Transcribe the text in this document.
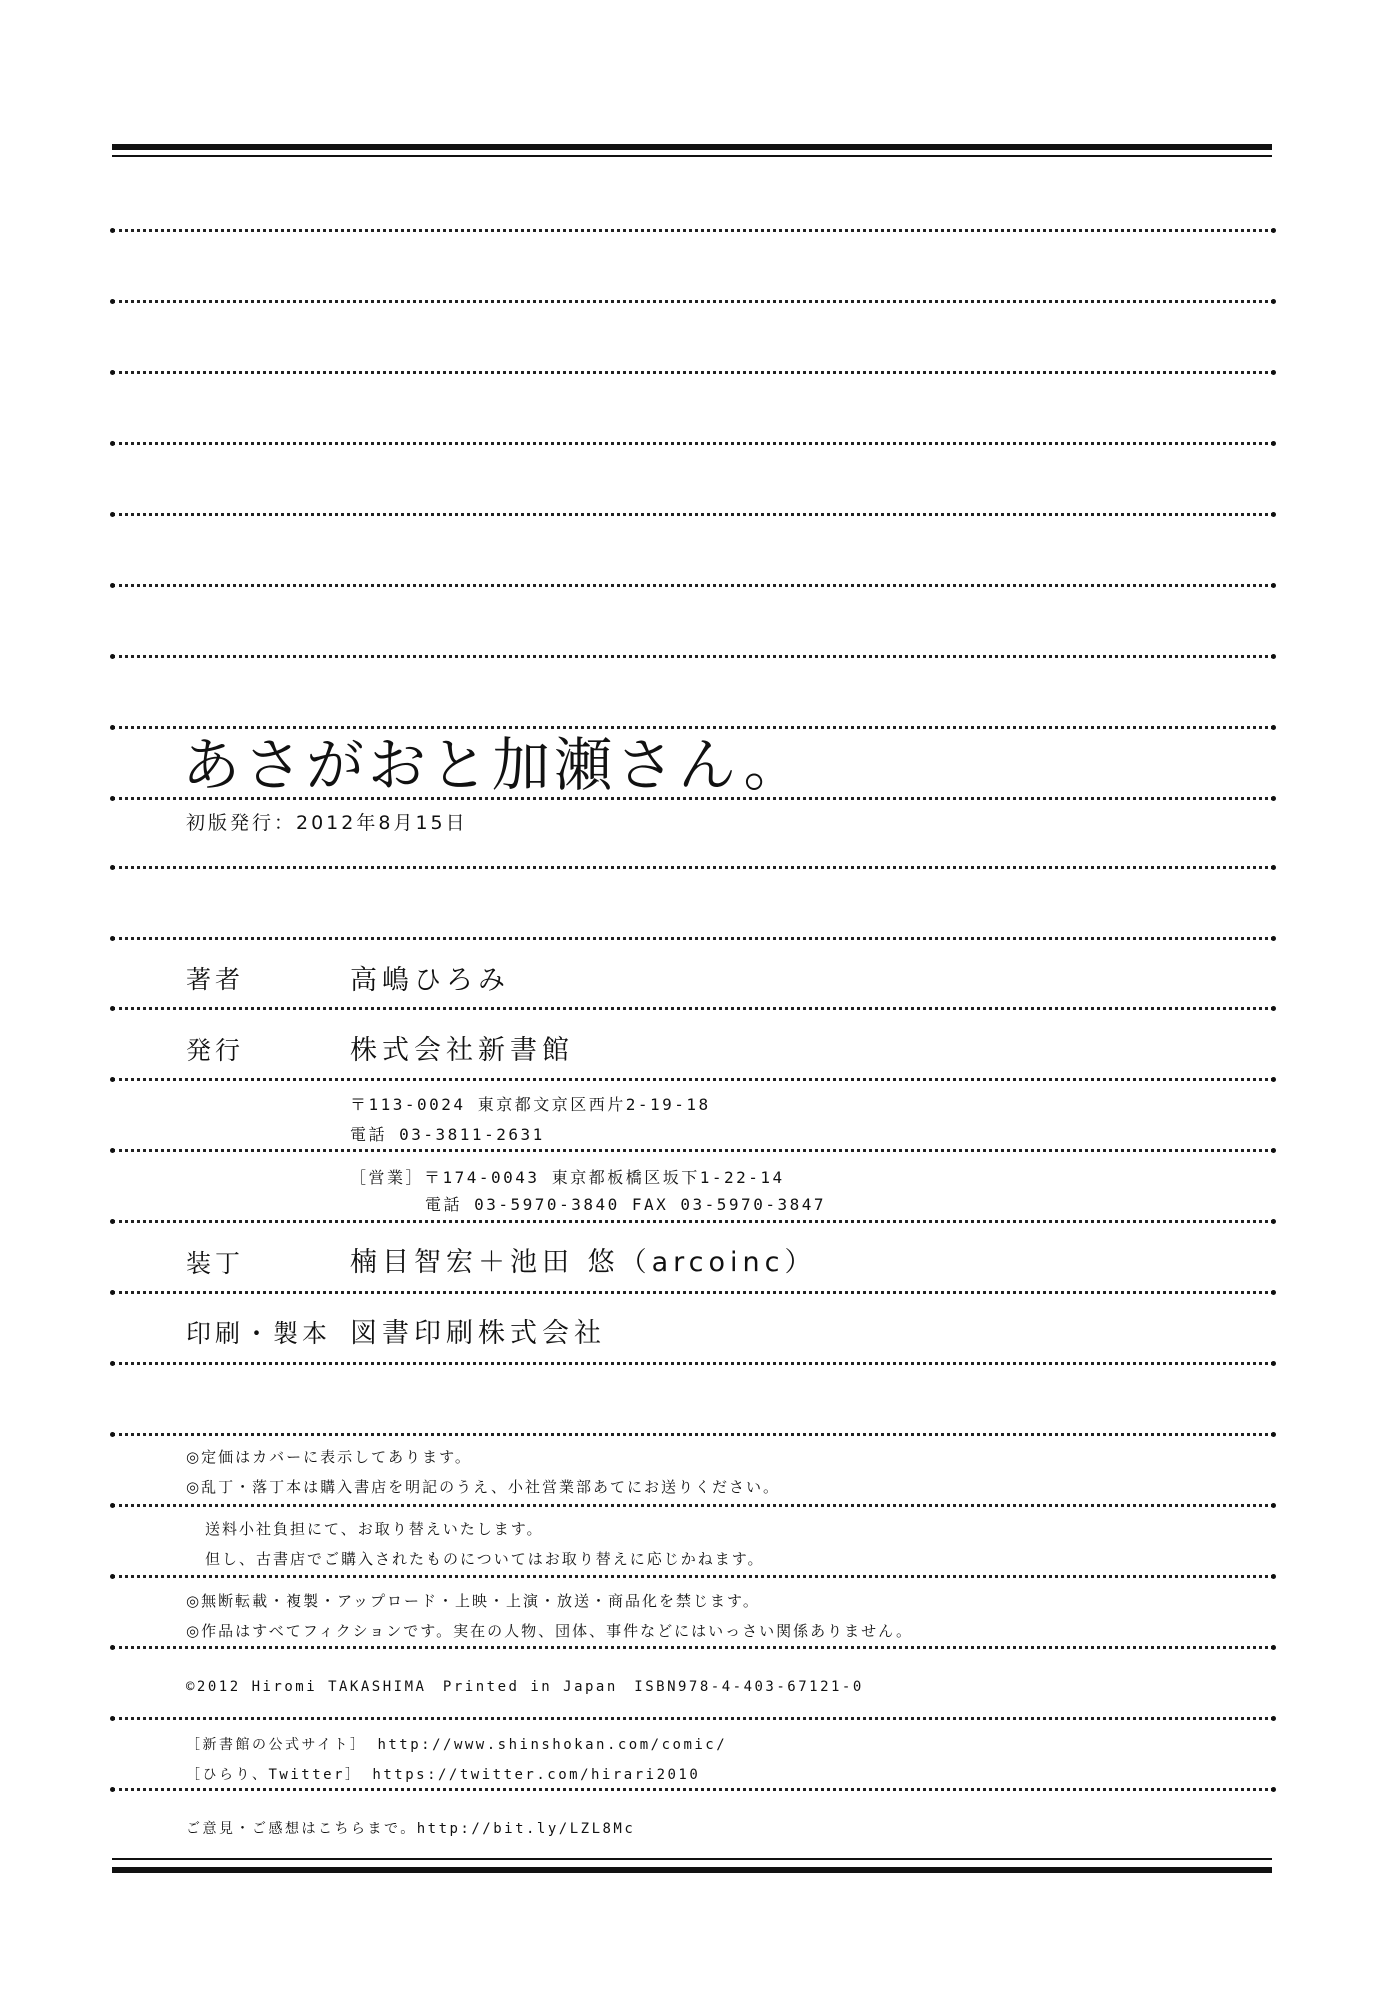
あさがおと加瀬さん。
初版発行：2012年8月15日
著者	高嶋ひろみ
発行	株式会社新書館
〒113-0024 東京都文京区西片2-19-18
電話 03-3811-2631
［営業］〒174-0043 東京都板橋区坂下1-22-14
電話 03-5970-3840 FAX 03-5970-3847
装丁	楠目智宏＋池田 悠（arcoinc）
印刷・製本 図書印刷株式会社
◎定価はカバーに表示してあります。
◎乱丁・落丁本は購入書店を明記のうえ、小社営業部あてにお送りください。
送料小社負担にて、お取り替えいたします。
但し、古書店でご購入されたものについてはお取り替えに応じかねます。
◎無断転載・複製・アップロード・上映・上演・放送・商品化を禁じます。
◎作品はすべてフィクションです。実在の人物、団体、事件などにはいっさい関係ありません。
©2012 Hiromi TAKASHIMA　Printed in Japan　ISBN978-4-403-67121-0
［新書館の公式サイト］ http://www.shinshokan.com/comic/
［ひらり、Twitter］ https://twitter.com/hirari2010
ご意見・ご感想はこちらまで。http://bit.ly/LZL8Mc
